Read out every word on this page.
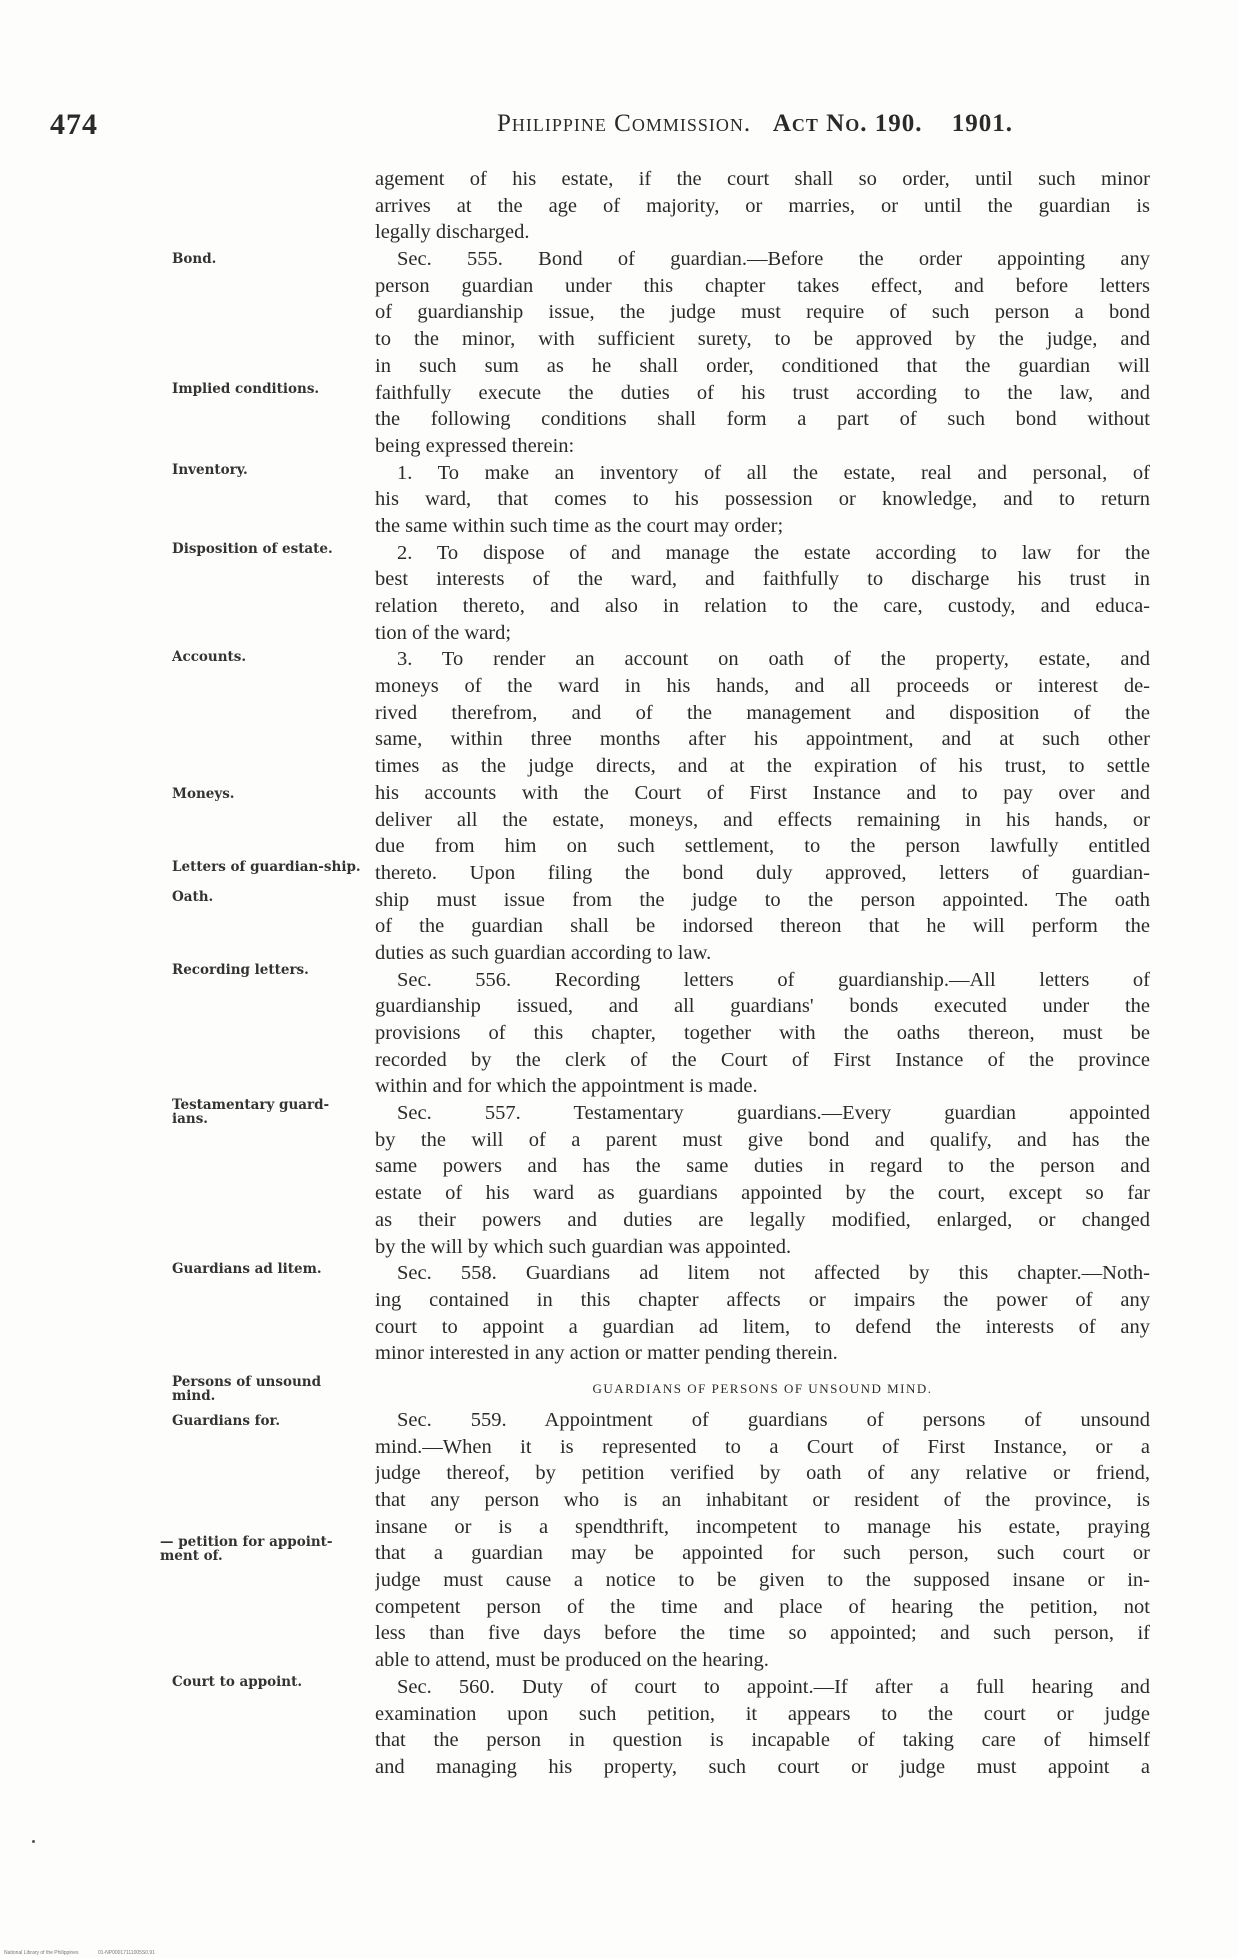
474	Philippine Commission. Act No. 190. 1901.
Bond.
Implied conditions.
Inventory.
Disposition of estate.
Accounts.
Moneys.
Letters of guardian-ship.
Oath.
Recording letters.
Testamentary guard-ians.
Guardians ad litem.
Persons of unsound mind.
Guardians for.
— petition for appoint-ment of.
Court to appoint.
agement of his estate, if the court shall so order, until such minor
arrives at the age of majority, or marries, or until the guardian is
legally discharged.
Sec. 555. Bond of guardian.—Before the order appointing any
person guardian under this chapter takes effect, and before letters
of guardianship issue, the judge must require of such person a bond
to the minor, with sufficient surety, to be approved by the judge, and
in such sum as he shall order, conditioned that the guardian will
faithfully execute the duties of his trust according to the law, and
the following conditions shall form a part of such bond without
being expressed therein:
1. To make an inventory of all the estate, real and personal, of
his ward, that comes to his possession or knowledge, and to return
the same within such time as the court may order;
2. To dispose of and manage the estate according to law for the
best interests of the ward, and faithfully to discharge his trust in
relation thereto, and also in relation to the care, custody, and educa-
tion of the ward;
3. To render an account on oath of the property, estate, and
moneys of the ward in his hands, and all proceeds or interest de-
rived therefrom, and of the management and disposition of the
same, within three months after his appointment, and at such other
times as the judge directs, and at the expiration of his trust, to settle
his accounts with the Court of First Instance and to pay over and
deliver all the estate, moneys, and effects remaining in his hands, or
due from him on such settlement, to the person lawfully entitled
thereto. Upon filing the bond duly approved, letters of guardian-
ship must issue from the judge to the person appointed. The oath
of the guardian shall be indorsed thereon that he will perform the
duties as such guardian according to law.
Sec. 556. Recording letters of guardianship.—All letters of
guardianship issued, and all guardians' bonds executed under the
provisions of this chapter, together with the oaths thereon, must be
recorded by the clerk of the Court of First Instance of the province
within and for which the appointment is made.
Sec. 557. Testamentary guardians.—Every guardian appointed
by the will of a parent must give bond and qualify, and has the
same powers and has the same duties in regard to the person and
estate of his ward as guardians appointed by the court, except so far
as their powers and duties are legally modified, enlarged, or changed
by the will by which such guardian was appointed.
Sec. 558. Guardians ad litem not affected by this chapter.—Noth-
ing contained in this chapter affects or impairs the power of any
court to appoint a guardian ad litem, to defend the interests of any
minor interested in any action or matter pending therein.
GUARDIANS OF PERSONS OF UNSOUND MIND.
Sec. 559. Appointment of guardians of persons of unsound
mind.—When it is represented to a Court of First Instance, or a
judge thereof, by petition verified by oath of any relative or friend,
that any person who is an inhabitant or resident of the province, is
insane or is a spendthrift, incompetent to manage his estate, praying
that a guardian may be appointed for such person, such court or
judge must cause a notice to be given to the supposed insane or in-
competent person of the time and place of hearing the petition, not
less than five days before the time so appointed; and such person, if
able to attend, must be produced on the hearing.
Sec. 560. Duty of court to appoint.—If after a full hearing and
examination upon such petition, it appears to the court or judge
that the person in question is incapable of taking care of himself
and managing his property, such court or judge must appoint a
National Library of the Philippines	01-NP00017111005S0.91
